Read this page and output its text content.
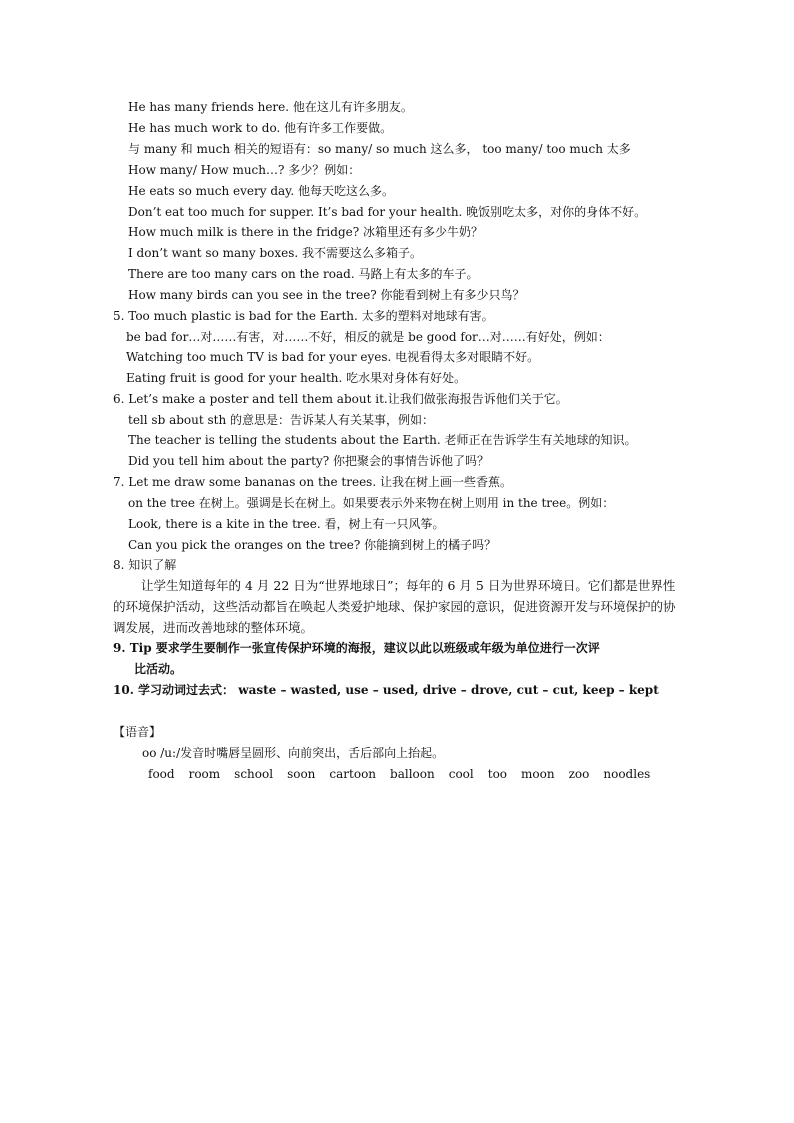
He has many friends here. 他在这儿有许多朋友。
He has much work to do. 他有许多工作要做。
与 many 和 much 相关的短语有：so many/ so much 这么多， too many/ too much 太多
How many/ How much…? 多少？例如：
He eats so much every day. 他每天吃这么多。
Don’t eat too much for supper. It’s bad for your health. 晚饭别吃太多，对你的身体不好。
How much milk is there in the fridge? 冰箱里还有多少牛奶？
I don’t want so many boxes. 我不需要这么多箱子。
There are too many cars on the road. 马路上有太多的车子。
How many birds can you see in the tree? 你能看到树上有多少只鸟？
5. Too much plastic is bad for the Earth. 太多的塑料对地球有害。
be bad for…对……有害，对……不好，相反的就是 be good for…对……有好处，例如：
Watching too much TV is bad for your eyes. 电视看得太多对眼睛不好。
Eating fruit is good for your health. 吃水果对身体有好处。
6. Let’s make a poster and tell them about it.让我们做张海报告诉他们关于它。
tell sb about sth 的意思是：告诉某人有关某事，例如：
The teacher is telling the students about the Earth. 老师正在告诉学生有关地球的知识。
Did you tell him about the party? 你把聚会的事情告诉他了吗？
7. Let me draw some bananas on the trees. 让我在树上画一些香蕉。
on the tree 在树上。强调是长在树上。如果要表示外来物在树上则用 in the tree。例如：
Look, there is a kite in the tree. 看，树上有一只风筝。
Can you pick the oranges on the tree? 你能摘到树上的橘子吗？
8. 知识了解
让学生知道每年的 4 月 22 日为“世界地球日”；每年的 6 月 5 日为世界环境日。它们都是世界性的环境保护活动，这些活动都旨在唤起人类爱护地球、保护家园的意识，促进资源开发与环境保护的协调发展，进而改善地球的整体环境。
9. Tip 要求学生要制作一张宣传保护环境的海报，建议以此以班级或年级为单位进行一次评
比活动。
10. 学习动词过去式： waste – wasted, use – used, drive – drove, cut – cut, keep – kept
【语音】
oo /u:/发音时嘴唇呈圆形、向前突出，舌后部向上抬起。
food room school soon cartoon balloon cool too moon zoo noodles
